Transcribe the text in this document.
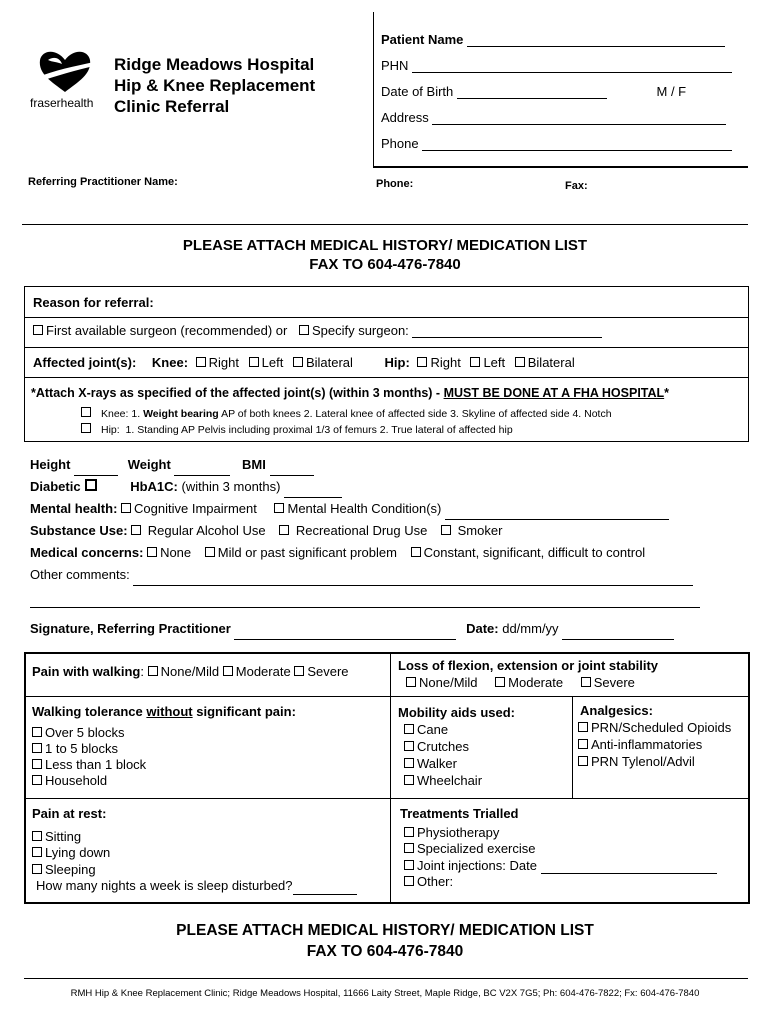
fraserhealth
Ridge Meadows Hospital
Hip & Knee Replacement
Clinic Referral
Patient Name
PHN
Date of Birth	M / F
Address
Phone
Referring Practitioner Name:	Phone:	Fax:
PLEASE ATTACH MEDICAL HISTORY/ MEDICATION LIST
FAX TO 604-476-7840
Reason for referral:
First available surgeon (recommended) or Specify surgeon:
Affected joint(s): Knee: Right Left Bilateral Hip: Right Left Bilateral
*Attach X-rays as specified of the affected joint(s) (within 3 months) - MUST BE DONE AT A FHA HOSPITAL*
Knee: 1. Weight bearing AP of both knees 2. Lateral knee of affected side 3. Skyline of affected side 4. Notch
Hip: 1. Standing AP Pelvis including proximal 1/3 of femurs 2. True lateral of affected hip
Height	Weight	BMI
Diabetic	HbA1C: (within 3 months)
Mental health: Cognitive Impairment Mental Health Condition(s)
Substance Use: Regular Alcohol Use Recreational Drug Use Smoker
Medical concerns: None Mild or past significant problem Constant, significant, difficult to control
Other comments:
Signature, Referring Practitioner	Date: dd/mm/yy
Pain with walking: None/Mild Moderate Severe	Loss of flexion, extension or joint stability
None/Mild Moderate Severe
Walking tolerance without significant pain:
Over 5 blocks
1 to 5 blocks
Less than 1 block
Household
Mobility aids used:
Cane
Crutches
Walker
Wheelchair
Analgesics:
PRN/Scheduled Opioids
Anti-inflammatories
PRN Tylenol/Advil
Pain at rest:
Sitting
Lying down
Sleeping
How many nights a week is sleep disturbed?
Treatments Trialled
Physiotherapy
Specialized exercise
Joint injections: Date
Other:
PLEASE ATTACH MEDICAL HISTORY/ MEDICATION LIST
FAX TO 604-476-7840
RMH Hip & Knee Replacement Clinic; Ridge Meadows Hospital, 11666 Laity Street, Maple Ridge, BC V2X 7G5; Ph: 604-476-7822; Fx: 604-476-7840
